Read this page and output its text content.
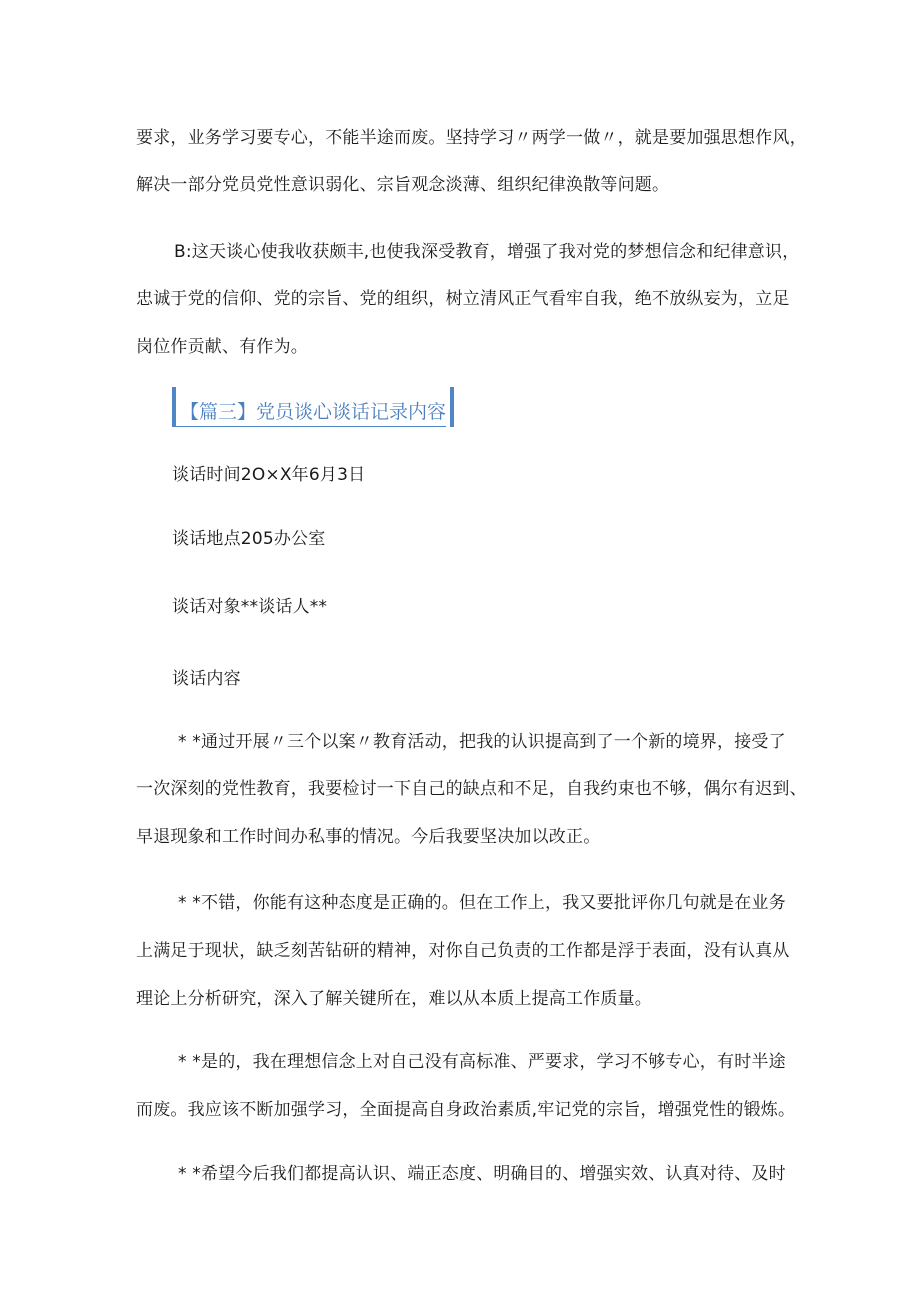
要求，业务学习要专心，不能半途而废。坚持学习〃两学一做〃，就是要加强思想作风，
解决一部分党员党性意识弱化、宗旨观念淡薄、组织纪律涣散等问题。
B:这天谈心使我收获颇丰,也使我深受教育，增强了我对党的梦想信念和纪律意识，
忠诚于党的信仰、党的宗旨、党的组织，树立清风正气看牢自我，绝不放纵妄为，立足
岗位作贡献、有作为。
【篇三】党员谈心谈话记录内容
谈话时间2O×X年6月3日
谈话地点205办公室
谈话对象**谈话人**
谈话内容
* *通过开展〃三个以案〃教育活动，把我的认识提高到了一个新的境界，接受了
一次深刻的党性教育，我要检讨一下自己的缺点和不足，自我约束也不够，偶尔有迟到、
早退现象和工作时间办私事的情况。今后我要坚决加以改正。
* *不错，你能有这种态度是正确的。但在工作上，我又要批评你几句就是在业务
上满足于现状，缺乏刻苦钻研的精神，对你自己负责的工作都是浮于表面，没有认真从
理论上分析研究，深入了解关键所在，难以从本质上提高工作质量。
* *是的，我在理想信念上对自己没有高标准、严要求，学习不够专心，有时半途
而废。我应该不断加强学习，全面提高自身政治素质,牢记党的宗旨，增强党性的锻炼。
* *希望今后我们都提高认识、端正态度、明确目的、增强实效、认真对待、及时
